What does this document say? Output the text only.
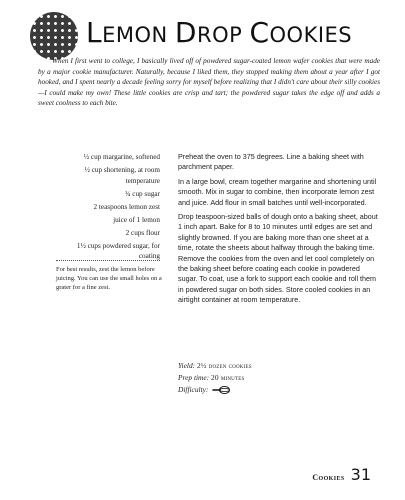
LEMON DROP COOKIES

When I first went to college, I basically lived off of powdered sugar-coated lemon wafer cookies that were made by a major cookie manufacturer. Naturally, because I liked them, they stopped making them about a year after I got hooked, and I spent nearly a decade feeling sorry for myself before realizing that I didn't care about their silly cookies—I could make my own! These little cookies are crisp and tart; the powdered sugar takes the edge off and adds a sweet coolness to each bite.

½ cup margarine, softened
½ cup shortening, at room temperature
¾ cup sugar
2 teaspoons lemon zest
juice of 1 lemon
2 cups flour
1½ cups powdered sugar, for coating

For best results, zest the lemon before juicing. You can use the small holes on a grater for a fine zest.

Preheat the oven to 375 degrees. Line a baking sheet with parchment paper.

In a large bowl, cream together margarine and shortening until smooth. Mix in sugar to combine, then incorporate lemon zest and juice. Add flour in small batches until well-incorporated.

Drop teaspoon-sized balls of dough onto a baking sheet, about 1 inch apart. Bake for 8 to 10 minutes until edges are set and slightly browned. If you are baking more than one sheet at a time, rotate the sheets about halfway through the baking time. Remove the cookies from the oven and let cool completely on the baking sheet before coating each cookie in powdered sugar. To coat, use a fork to support each cookie and roll them in powdered sugar on both sides. Store cooled cookies in an airtight container at room temperature.

Yield: 2½ dozen cookies
Prep time: 20 minutes
Difficulty:
Cookies 31
